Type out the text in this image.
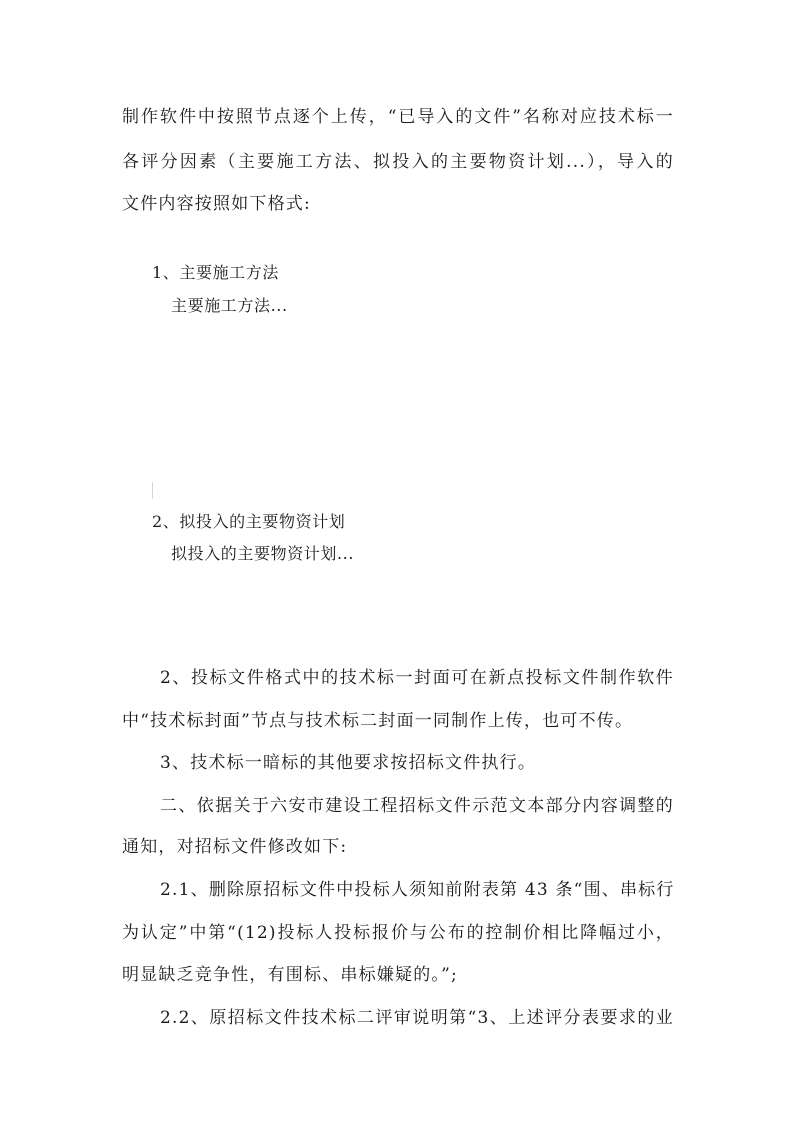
制作软件中按照节点逐个上传，“已导入的文件”名称对应技术标一
各评分因素（主要施工方法、拟投入的主要物资计划...），导入的
文件内容按照如下格式:
1、主要施工方法
主要施工方法...
2、拟投入的主要物资计划
拟投入的主要物资计划...
2、投标文件格式中的技术标一封面可在新点投标文件制作软件
中“技术标封面”节点与技术标二封面一同制作上传，也可不传。
3、技术标一暗标的其他要求按招标文件执行。
二、依据关于六安市建设工程招标文件示范文本部分内容调整的
通知，对招标文件修改如下:
2.1、删除原招标文件中投标人须知前附表第 43 条“围、串标行
为认定”中第“(12)投标人投标报价与公布的控制价相比降幅过小，
明显缺乏竞争性，有围标、串标嫌疑的。”;
2.2、原招标文件技术标二评审说明第“3、上述评分表要求的业
